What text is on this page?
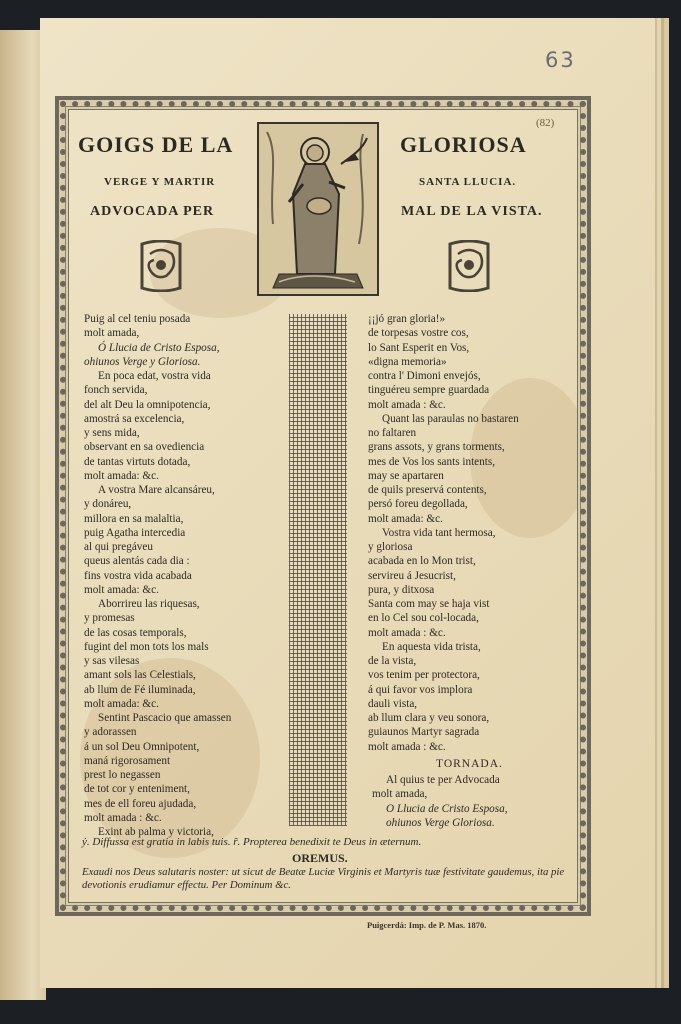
63
(82)
GOIGS DE LA	GLORIOSA
VERGE Y MARTIR	SANTA LLUCIA.
ADVOCADA PER	MAL DE LA VISTA.
Puig al cel teniu posada
molt amada,
Ó Llucia de Cristo Esposa,
ohiunos Verge y Gloriosa.
En poca edat, vostra vida
fonch servida,
del alt Deu la omnipotencia,
amostrá sa excelencia,
y sens mida,
observant en sa ovediencia
de tantas virtuts dotada,
molt amada: &c.
A vostra Mare alcansáreu,
y donáreu,
millora en sa malaltia,
puig Agatha intercedia
al qui pregáveu
queus alentás cada dia :
fins vostra vida acabada
molt amada: &c.
Aborrireu las riquesas,
y promesas
de las cosas temporals,
fugint del mon tots los mals
y sas vilesas
amant sols las Celestials,
ab llum de Fé iluminada,
molt amada: &c.
Sentint Pascacio que amassen
y adorassen
á un sol Deu Omnipotent,
maná rigorosament
prest lo negassen
de tot cor y enteniment,
mes de ell foreu ajudada,
molt amada : &c.
Exint ab palma y victoria,
¡¡jó gran gloria!»
de torpesas vostre cos,
lo Sant Esperit en Vos,
«digna memoria»
contra l' Dimoni envejós,
tinguéreu sempre guardada
molt amada : &c.
Quant las paraulas no bastaren
no faltaren
grans assots, y grans torments,
mes de Vos los sants intents,
may se apartaren
de quils preservá contents,
persó foreu degollada,
molt amada: &c.
Vostra vida tant hermosa,
y gloriosa
acabada en lo Mon trist,
servireu á Jesucrist,
pura, y ditxosa
Santa com may se haja vist
en lo Cel sou col-locada,
molt amada : &c.
En aquesta vida trista,
de la vista,
vos tenim per protectora,
á qui favor vos implora
dauli vista,
ab llum clara y veu sonora,
guiaunos Martyr sagrada
molt amada : &c.
TORNADA.
Al quius te per Advocada
molt amada,
O Llucia de Cristo Esposa,
ohiunos Verge Gloriosa.
ỷ. Diffussa est gratia in labis tuis. ȓ. Propterea benedixit te Deus in æternum.
OREMUS.
Exaudi nos Deus salutaris noster: ut sicut de Beatæ Luciæ Virginis et Martyris tuæ festivitate gaudemus, ita pie devotionis erudiamur effectu. Per Dominum &c.
Puigcerdá: Imp. de P. Mas. 1870.
